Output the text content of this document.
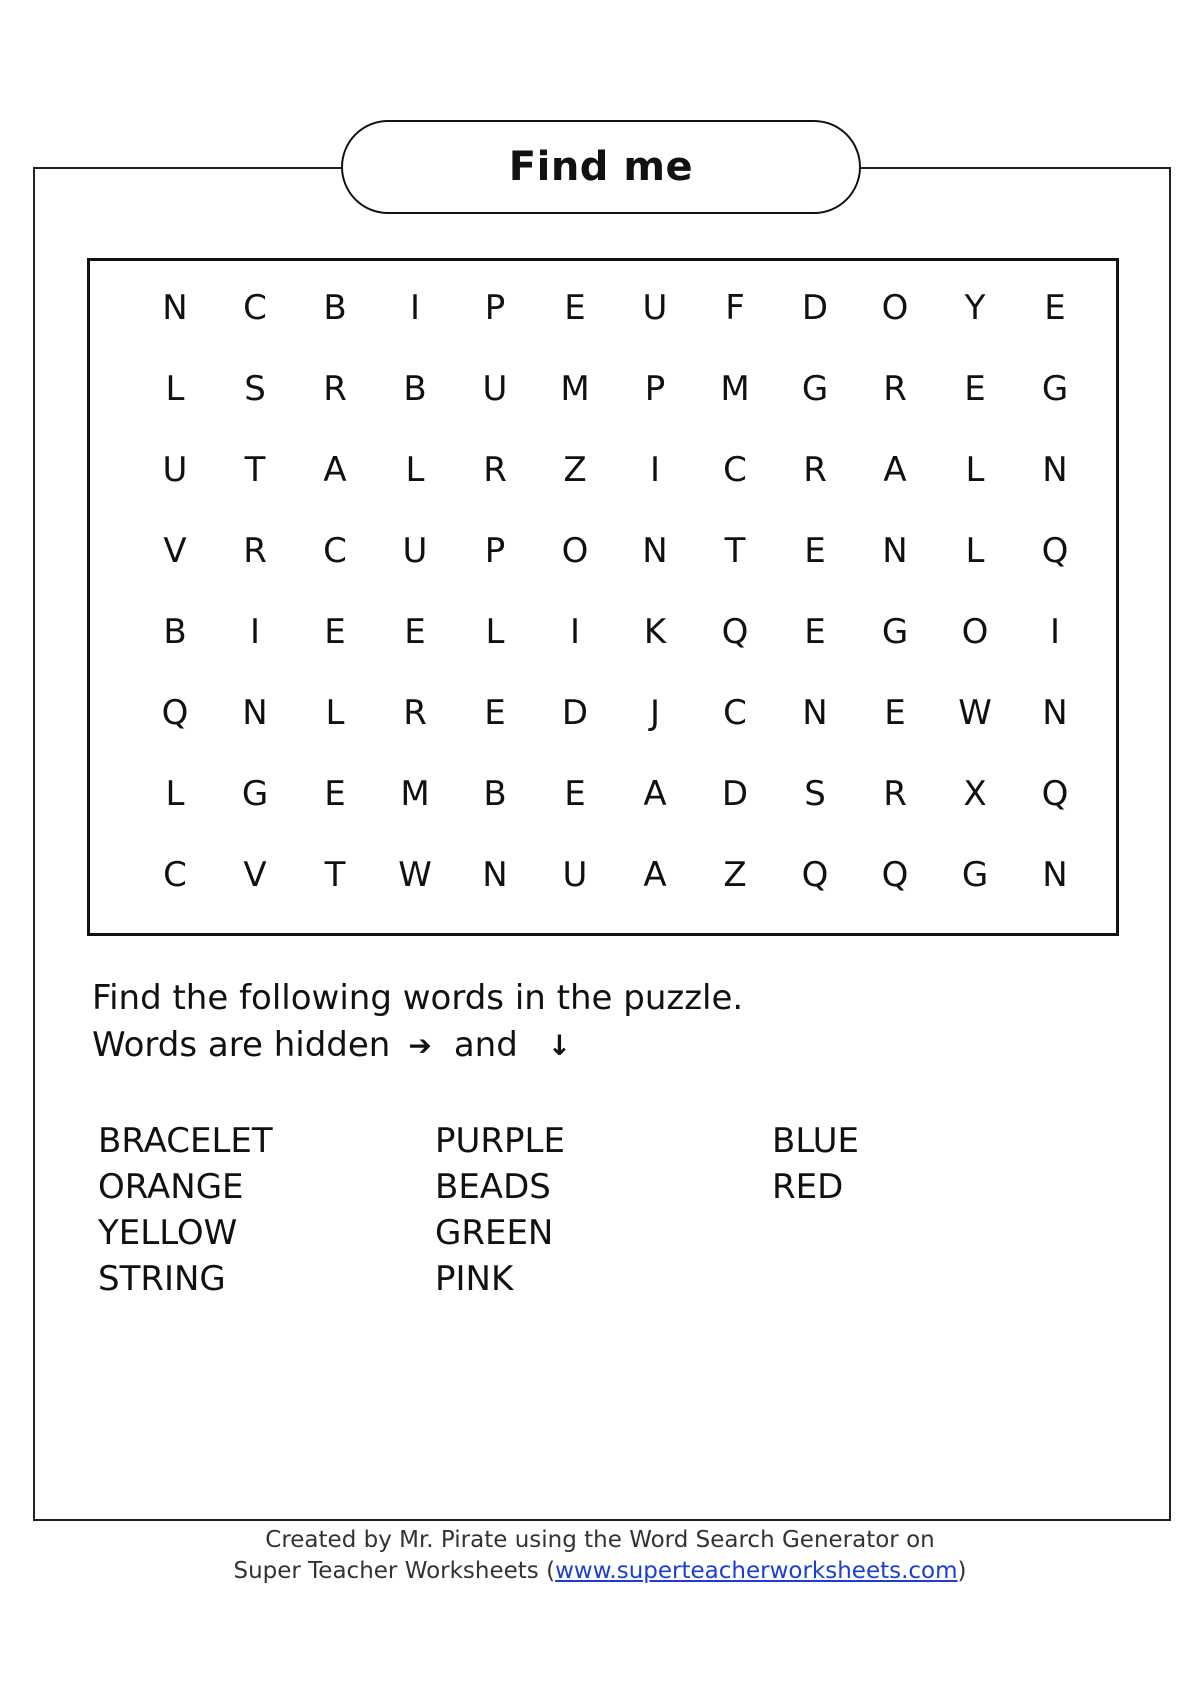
Find me
N	C	B	I	P	E	U	F	D	O	Y	E
L	S	R	B	U	M	P	M	G	R	E	G
U	T	A	L	R	Z	I	C	R	A	L	N
V	R	C	U	P	O	N	T	E	N	L	Q
B	I	E	E	L	I	K	Q	E	G	O	I
Q	N	L	R	E	D	J	C	N	E	W	N
L	G	E	M	B	E	A	D	S	R	X	Q
C	V	T	W	N	U	A	Z	Q	Q	G	N
Find the following words in the puzzle.
Words are hidden ➔ and ↓
BRACELET
ORANGE
YELLOW
STRING
PURPLE
BEADS
GREEN
PINK
BLUE
RED
Created by Mr. Pirate using the Word Search Generator on
Super Teacher Worksheets (www.superteacherworksheets.com)
